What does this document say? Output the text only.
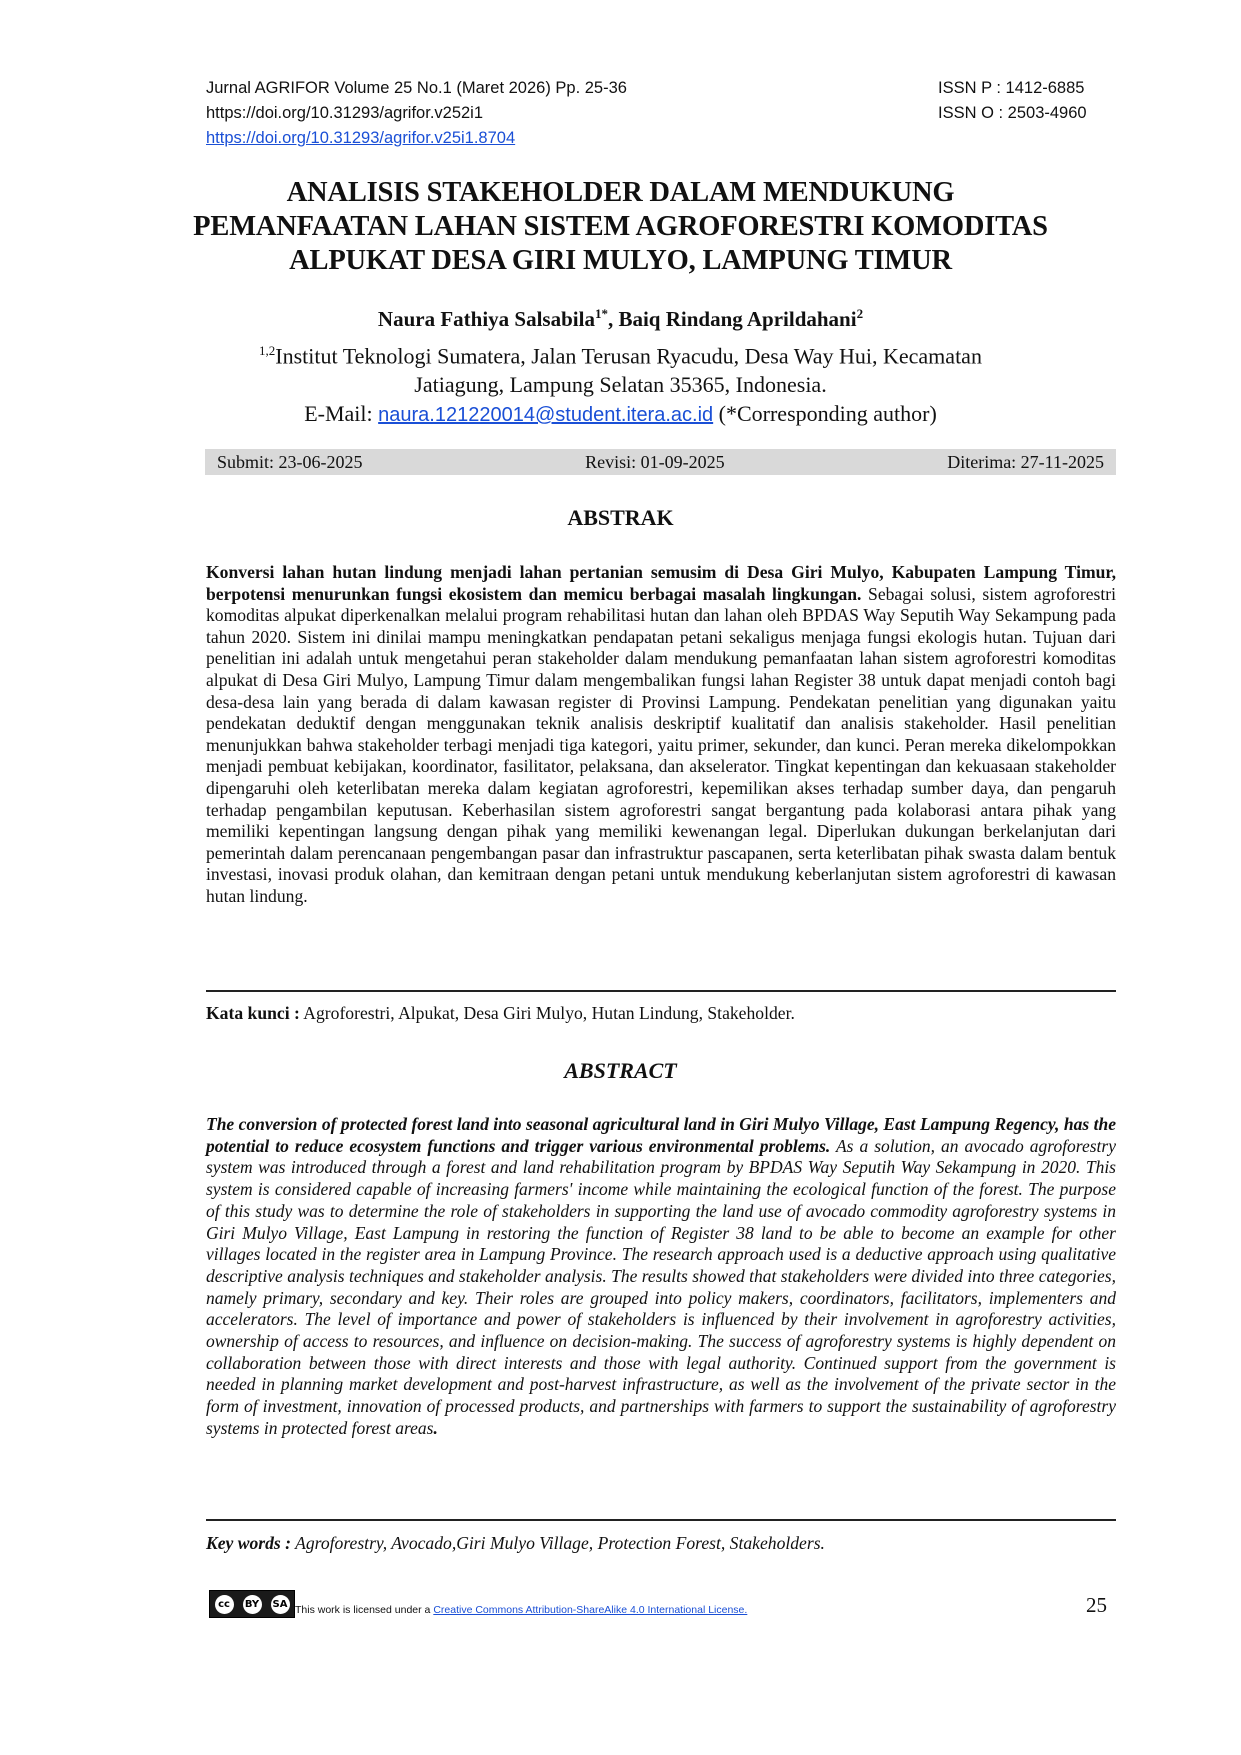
Jurnal AGRIFOR Volume 25 No.1 (Maret 2026) Pp. 25-36	ISSN P : 1412-6885
https://doi.org/10.31293/agrifor.v252i1	ISSN O : 2503-4960
https://doi.org/10.31293/agrifor.v25i1.8704
ANALISIS STAKEHOLDER DALAM MENDUKUNG
PEMANFAATAN LAHAN SISTEM AGROFORESTRI KOMODITAS
ALPUKAT DESA GIRI MULYO, LAMPUNG TIMUR
Naura Fathiya Salsabila$^{1*}$, Baiq Rindang Aprildahani$^2$
$^{1,2}$Institut Teknologi Sumatera, Jalan Terusan Ryacudu, Desa Way Hui, Kecamatan
Jatiagung, Lampung Selatan 35365, Indonesia.
E-Mail: naura.121220014@student.itera.ac.id (*Corresponding author)
Submit: 23-06-2025	Revisi: 01-09-2025	Diterima: 27-11-2025
ABSTRAK
Konversi lahan hutan lindung menjadi lahan pertanian semusim di Desa Giri Mulyo, Kabupaten Lampung Timur, berpotensi menurunkan fungsi ekosistem dan memicu berbagai masalah lingkungan. Sebagai solusi, sistem agroforestri komoditas alpukat diperkenalkan melalui program rehabilitasi hutan dan lahan oleh BPDAS Way Seputih Way Sekampung pada tahun 2020. Sistem ini dinilai mampu meningkatkan pendapatan petani sekaligus menjaga fungsi ekologis hutan. Tujuan dari penelitian ini adalah untuk mengetahui peran stakeholder dalam mendukung pemanfaatan lahan sistem agroforestri komoditas alpukat di Desa Giri Mulyo, Lampung Timur dalam mengembalikan fungsi lahan Register 38 untuk dapat menjadi contoh bagi desa-desa lain yang berada di dalam kawasan register di Provinsi Lampung. Pendekatan penelitian yang digunakan yaitu pendekatan deduktif dengan menggunakan teknik analisis deskriptif kualitatif dan analisis stakeholder. Hasil penelitian menunjukkan bahwa stakeholder terbagi menjadi tiga kategori, yaitu primer, sekunder, dan kunci. Peran mereka dikelompokkan menjadi pembuat kebijakan, koordinator, fasilitator, pelaksana, dan akselerator. Tingkat kepentingan dan kekuasaan stakeholder dipengaruhi oleh keterlibatan mereka dalam kegiatan agroforestri, kepemilikan akses terhadap sumber daya, dan pengaruh terhadap pengambilan keputusan. Keberhasilan sistem agroforestri sangat bergantung pada kolaborasi antara pihak yang memiliki kepentingan langsung dengan pihak yang memiliki kewenangan legal. Diperlukan dukungan berkelanjutan dari pemerintah dalam perencanaan pengembangan pasar dan infrastruktur pascapanen, serta keterlibatan pihak swasta dalam bentuk investasi, inovasi produk olahan, dan kemitraan dengan petani untuk mendukung keberlanjutan sistem agroforestri di kawasan hutan lindung.
Kata kunci : Agroforestri, Alpukat, Desa Giri Mulyo, Hutan Lindung, Stakeholder.
ABSTRACT
The conversion of protected forest land into seasonal agricultural land in Giri Mulyo Village, East Lampung Regency, has the potential to reduce ecosystem functions and trigger various environmental problems. As a solution, an avocado agroforestry system was introduced through a forest and land rehabilitation program by BPDAS Way Seputih Way Sekampung in 2020. This system is considered capable of increasing farmers' income while maintaining the ecological function of the forest. The purpose of this study was to determine the role of stakeholders in supporting the land use of avocado commodity agroforestry systems in Giri Mulyo Village, East Lampung in restoring the function of Register 38 land to be able to become an example for other villages located in the register area in Lampung Province. The research approach used is a deductive approach using qualitative descriptive analysis techniques and stakeholder analysis. The results showed that stakeholders were divided into three categories, namely primary, secondary and key. Their roles are grouped into policy makers, coordinators, facilitators, implementers and accelerators. The level of importance and power of stakeholders is influenced by their involvement in agroforestry activities, ownership of access to resources, and influence on decision-making. The success of agroforestry systems is highly dependent on collaboration between those with direct interests and those with legal authority. Continued support from the government is needed in planning market development and post-harvest infrastructure, as well as the involvement of the private sector in the form of investment, innovation of processed products, and partnerships with farmers to support the sustainability of agroforestry systems in protected forest areas.
Key words : Agroforestry, Avocado,Giri Mulyo Village, Protection Forest, Stakeholders.
cc	BY SA This work is licensed under a Creative Commons Attribution-ShareAlike 4.0 International License.	25
